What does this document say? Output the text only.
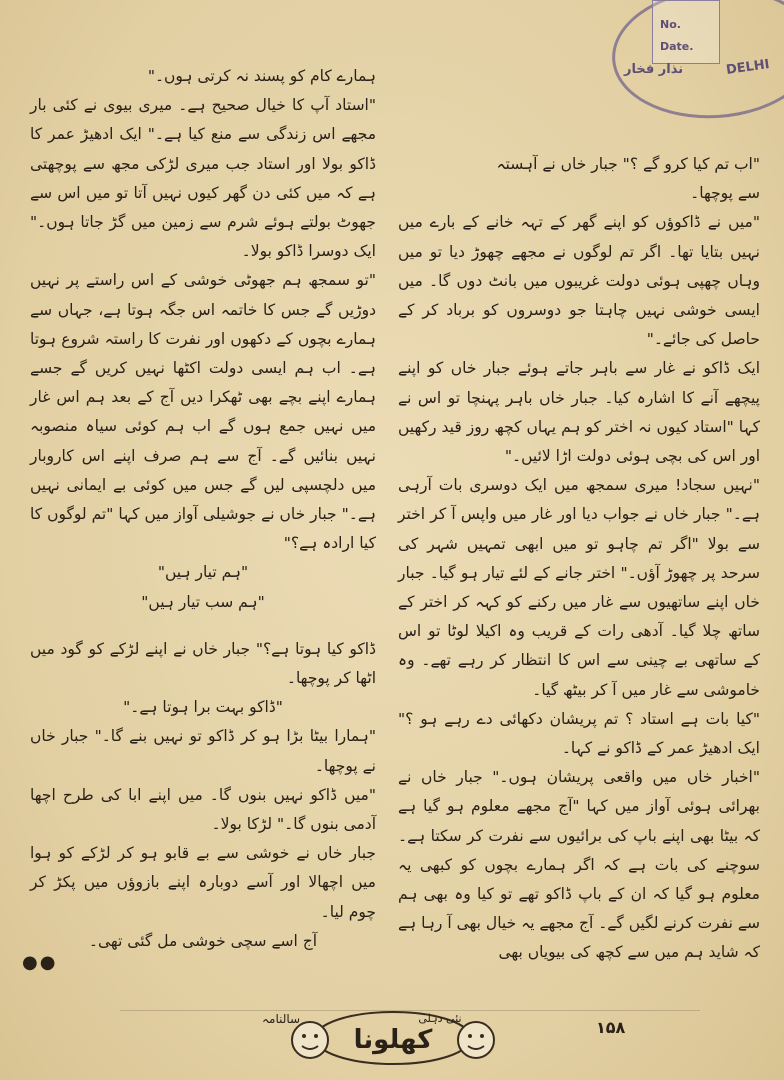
No.
Date.
DELHI
نذار فخار

"اب تم کیا کرو گے ؟" جبار خاں نے آہستہ

سے پوچھا۔

"میں نے ڈاکوؤں کو اپنے گھر کے تہہ خانے کے بارے میں نہیں بتایا تھا۔ اگر تم لوگوں نے مجھے چھوڑ دیا تو میں وہاں چھپی ہوئی دولت غریبوں میں بانٹ دوں گا۔ میں ایسی خوشی نہیں چاہتا جو دوسروں کو برباد کر کے حاصل کی جائے۔"

ایک ڈاکو نے غار سے باہر جاتے ہوئے جبار خاں کو اپنے پیچھے آنے کا اشارہ کیا۔ جبار خاں باہر پہنچا تو اس نے کہا "استاد کیوں نہ اختر کو ہم یہاں کچھ روز قید رکھیں اور اس کی بچی ہوئی دولت اڑا لائیں۔"

"نہیں سجاد! میری سمجھ میں ایک دوسری بات آرہی ہے۔" جبار خاں نے جواب دیا اور غار میں واپس آ کر اختر سے بولا "اگر تم چاہو تو میں ابھی تمہیں شہر کی سرحد پر چھوڑ آؤں۔" اختر جانے کے لئے تیار ہو گیا۔ جبار خاں اپنے ساتھیوں سے غار میں رکنے کو کہہ کر اختر کے ساتھ چلا گیا۔ آدھی رات کے قریب وہ اکیلا لوٹا تو اس کے ساتھی بے چینی سے اس کا انتظار کر رہے تھے۔ وہ خاموشی سے غار میں آ کر بیٹھ گیا۔

"کیا بات ہے استاد ؟ تم پریشان دکھائی دے رہے ہو ؟" ایک ادھیڑ عمر کے ڈاکو نے کہا۔

"اخبار خاں میں واقعی پریشان ہوں۔" جبار خاں نے بھرائی ہوئی آواز میں کہا "آج مجھے معلوم ہو گیا ہے کہ بیٹا بھی اپنے باپ کی برائیوں سے نفرت کر سکتا ہے۔ سوچنے کی بات ہے کہ اگر ہمارے بچوں کو کبھی یہ معلوم ہو گیا کہ ان کے باپ ڈاکو تھے تو کیا وہ بھی ہم سے نفرت کرنے لگیں گے۔ آج مجھے یہ خیال بھی آ رہا ہے کہ شاید ہم میں سے کچھ کی بیویاں بھی

ہمارے کام کو پسند نہ کرتی ہوں۔"

"استاد آپ کا خیال صحیح ہے۔ میری بیوی نے کئی بار مجھے اس زندگی سے منع کیا ہے۔" ایک ادھیڑ عمر کا ڈاکو بولا اور استاد جب میری لڑکی مجھ سے پوچھتی ہے کہ میں کئی دن گھر کیوں نہیں آتا تو میں اس سے جھوٹ بولتے ہوئے شرم سے زمین میں گڑ جاتا ہوں۔" ایک دوسرا ڈاکو بولا۔

"تو سمجھ ہم جھوٹی خوشی کے اس راستے پر نہیں دوڑیں گے جس کا خاتمہ اس جگہ ہوتا ہے، جہاں سے ہمارے بچوں کے دکھوں اور نفرت کا راستہ شروع ہوتا ہے۔ اب ہم ایسی دولت اکٹھا نہیں کریں گے جسے ہمارے اپنے بچے بھی ٹھکرا دیں آج کے بعد ہم اس غار میں نہیں جمع ہوں گے اب ہم کوئی سیاہ منصوبہ نہیں بنائیں گے۔ آج سے ہم صرف اپنے اس کاروبار میں دلچسپی لیں گے جس میں کوئی بے ایمانی نہیں ہے۔" جبار خاں نے جوشیلی آواز میں کہا "تم لوگوں کا کیا ارادہ ہے؟"

"ہم تیار ہیں"

"ہم سب تیار ہیں"

ڈاکو کیا ہوتا ہے؟" جبار خاں نے اپنے لڑکے کو گود میں اٹھا کر پوچھا۔

"ڈاکو بہت برا ہوتا ہے۔"

"ہمارا بیٹا بڑا ہو کر ڈاکو تو نہیں بنے گا۔" جبار خاں نے پوچھا۔

"میں ڈاکو نہیں بنوں گا۔ میں اپنے ابا کی طرح اچھا آدمی بنوں گا۔" لڑکا بولا۔

جبار خاں نے خوشی سے بے قابو ہو کر لڑکے کو ہوا میں اچھالا اور آسے دوبارہ اپنے بازوؤں میں پکڑ کر چوم لیا۔

آج اسے سچی خوشی مل گئی تھی۔

●●
۱۵۸
سالنامہ
کھلونا
نئی دہلی
